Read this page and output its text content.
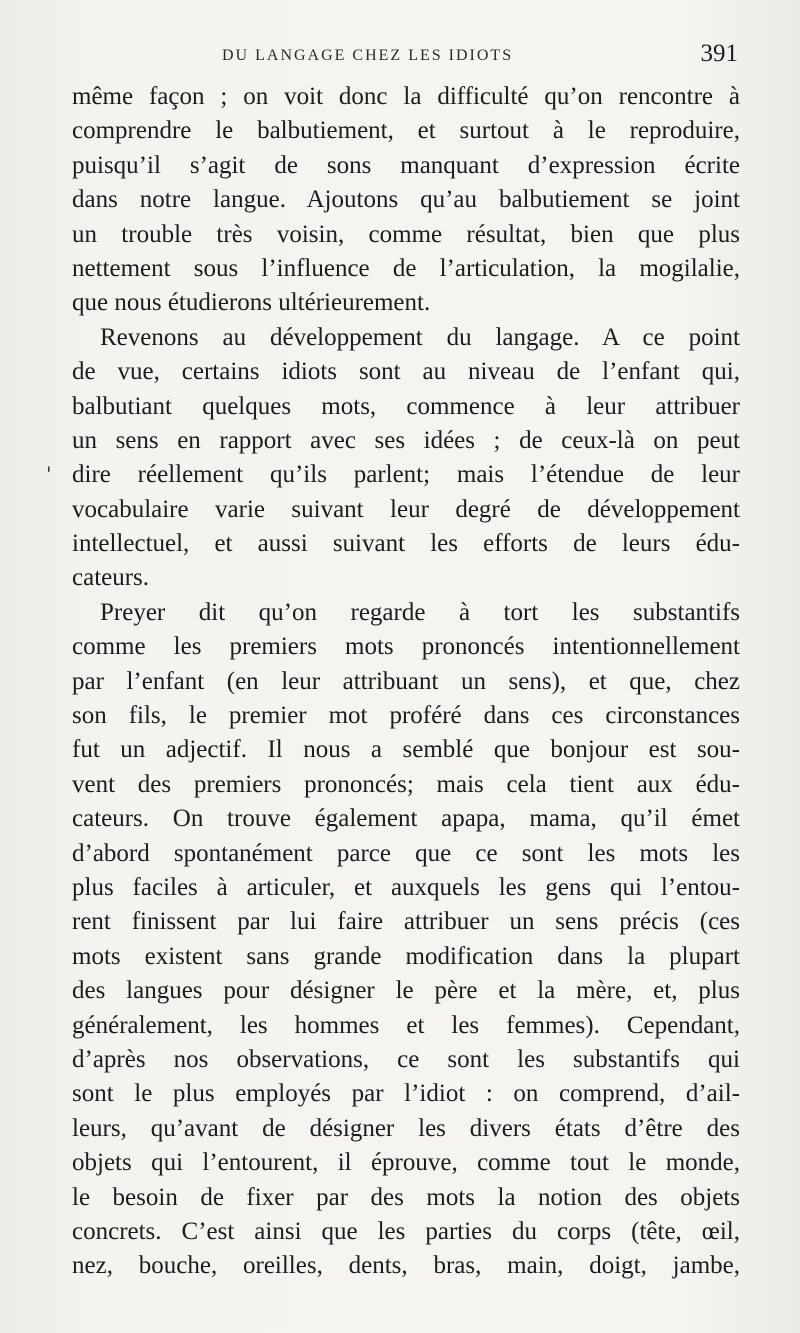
DU LANGAGE CHEZ LES IDIOTS	391
'
même façon ; on voit donc la difficulté qu’on rencontre à
comprendre le balbutiement, et surtout à le reproduire,
puisqu’il s’agit de sons manquant d’expression écrite
dans notre langue. Ajoutons qu’au balbutiement se joint
un trouble très voisin, comme résultat, bien que plus
nettement sous l’influence de l’articulation, la mogilalie,
que nous étudierons ultérieurement.
Revenons au développement du langage. A ce point
de vue, certains idiots sont au niveau de l’enfant qui,
balbutiant quelques mots, commence à leur attribuer
un sens en rapport avec ses idées ; de ceux-là on peut
dire réellement qu’ils parlent; mais l’étendue de leur
vocabulaire varie suivant leur degré de développement
intellectuel, et aussi suivant les efforts de leurs édu-
cateurs.
Preyer dit qu’on regarde à tort les substantifs
comme les premiers mots prononcés intentionnellement
par l’enfant (en leur attribuant un sens), et que, chez
son fils, le premier mot proféré dans ces circonstances
fut un adjectif. Il nous a semblé que bonjour est sou-
vent des premiers prononcés; mais cela tient aux édu-
cateurs. On trouve également apapa, mama, qu’il émet
d’abord spontanément parce que ce sont les mots les
plus faciles à articuler, et auxquels les gens qui l’entou-
rent finissent par lui faire attribuer un sens précis (ces
mots existent sans grande modification dans la plupart
des langues pour désigner le père et la mère, et, plus
généralement, les hommes et les femmes). Cependant,
d’après nos observations, ce sont les substantifs qui
sont le plus employés par l’idiot : on comprend, d’ail-
leurs, qu’avant de désigner les divers états d’être des
objets qui l’entourent, il éprouve, comme tout le monde,
le besoin de fixer par des mots la notion des objets
concrets. C’est ainsi que les parties du corps (tête, œil,
nez, bouche, oreilles, dents, bras, main, doigt, jambe,
